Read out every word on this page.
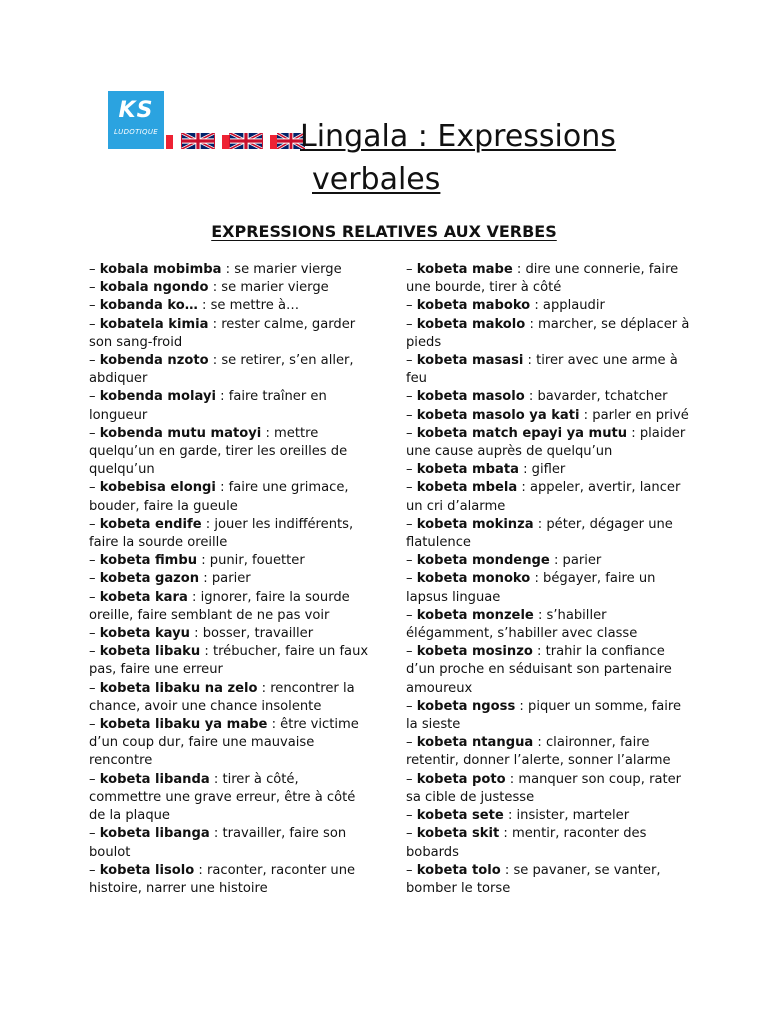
KS
LUDOTIQUE	Lingala : Expressions
verbales
EXPRESSIONS RELATIVES AUX VERBES

– kobala mobimba : se marier vierge

– kobala ngondo : se marier vierge

– kobanda ko… : se mettre à…

– kobatela kimia : rester calme, garder son sang-froid

– kobenda nzoto : se retirer, s’en aller, abdiquer

– kobenda molayi : faire traîner en longueur

– kobenda mutu matoyi : mettre quelqu’un en garde, tirer les oreilles de quelqu’un

– kobebisa elongi : faire une grimace, bouder, faire la gueule

– kobeta endife : jouer les indifférents, faire la sourde oreille

– kobeta fimbu : punir, fouetter

– kobeta gazon : parier

– kobeta kara : ignorer, faire la sourde oreille, faire semblant de ne pas voir

– kobeta kayu : bosser, travailler

– kobeta libaku : trébucher, faire un faux pas, faire une erreur

– kobeta libaku na zelo : rencontrer la chance, avoir une chance insolente

– kobeta libaku ya mabe : être victime d’un coup dur, faire une mauvaise rencontre

– kobeta libanda : tirer à côté, commettre une grave erreur, être à côté de la plaque

– kobeta libanga : travailler, faire son boulot

– kobeta lisolo : raconter, raconter une histoire, narrer une histoire

– kobeta mabe : dire une connerie, faire une bourde, tirer à côté

– kobeta maboko : applaudir

– kobeta makolo : marcher, se déplacer à pieds

– kobeta masasi : tirer avec une arme à feu

– kobeta masolo : bavarder, tchatcher

– kobeta masolo ya kati : parler en privé

– kobeta match epayi ya mutu : plaider une cause auprès de quelqu’un

– kobeta mbata : gifler

– kobeta mbela : appeler, avertir, lancer un cri d’alarme

– kobeta mokinza : péter, dégager une flatulence

– kobeta mondenge : parier

– kobeta monoko : bégayer, faire un lapsus linguae

– kobeta monzele : s’habiller élégamment, s’habiller avec classe

– kobeta mosinzo : trahir la confiance d’un proche en séduisant son partenaire amoureux

– kobeta ngoss : piquer un somme, faire la sieste

– kobeta ntangua : claironner, faire retentir, donner l’alerte, sonner l’alarme

– kobeta poto : manquer son coup, rater sa cible de justesse

– kobeta sete : insister, marteler

– kobeta skit : mentir, raconter des bobards

– kobeta tolo : se pavaner, se vanter, bomber le torse
